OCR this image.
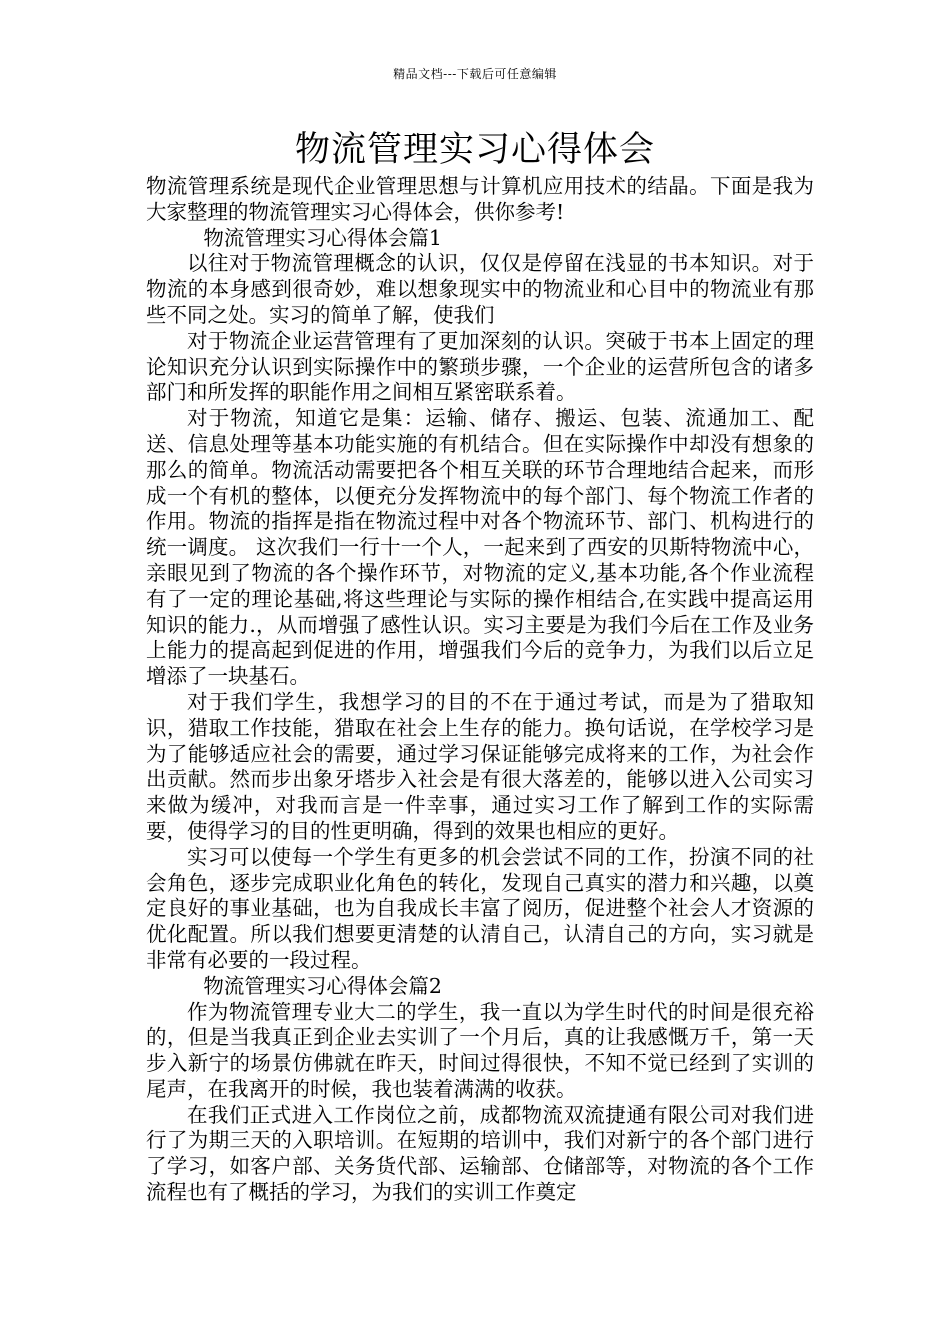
精品文档---下载后可任意编辑
物流管理实习心得体会

物流管理系统是现代企业管理思想与计算机应用技术的结晶。下面是我为大家整理的物流管理实习心得体会，供你参考!

物流管理实习心得体会篇1

以往对于物流管理概念的认识，仅仅是停留在浅显的书本知识。对于物流的本身感到很奇妙，难以想象现实中的物流业和心目中的物流业有那些不同之处。实习的简单了解，使我们

对于物流企业运营管理有了更加深刻的认识。突破于书本上固定的理论知识充分认识到实际操作中的繁琐步骤，一个企业的运营所包含的诸多部门和所发挥的职能作用之间相互紧密联系着。

对于物流，知道它是集：运输、储存、搬运、包装、流通加工、配送、信息处理等基本功能实施的有机结合。但在实际操作中却没有想象的那么的简单。物流活动需要把各个相互关联的环节合理地结合起来，而形成一个有机的整体，以便充分发挥物流中的每个部门、每个物流工作者的作用。物流的指挥是指在物流过程中对各个物流环节、部门、机构进行的统一调度。 这次我们一行十一个人，一起来到了西安的贝斯特物流中心，亲眼见到了物流的各个操作环节，对物流的定义,基本功能,各个作业流程有了一定的理论基础,将这些理论与实际的操作相结合,在实践中提高运用知识的能力.，从而增强了感性认识。实习主要是为我们今后在工作及业务上能力的提高起到促进的作用，增强我们今后的竞争力，为我们以后立足增添了一块基石。

对于我们学生，我想学习的目的不在于通过考试，而是为了猎取知识，猎取工作技能，猎取在社会上生存的能力。换句话说，在学校学习是为了能够适应社会的需要，通过学习保证能够完成将来的工作，为社会作出贡献。然而步出象牙塔步入社会是有很大落差的，能够以进入公司实习来做为缓冲，对我而言是一件幸事，通过实习工作了解到工作的实际需要，使得学习的目的性更明确，得到的效果也相应的更好。

实习可以使每一个学生有更多的机会尝试不同的工作，扮演不同的社会角色，逐步完成职业化角色的转化，发现自己真实的潜力和兴趣，以奠定良好的事业基础，也为自我成长丰富了阅历，促进整个社会人才资源的优化配置。所以我们想要更清楚的认清自己，认清自己的方向，实习就是非常有必要的一段过程。

物流管理实习心得体会篇2

作为物流管理专业大二的学生，我一直以为学生时代的时间是很充裕的，但是当我真正到企业去实训了一个月后，真的让我感慨万千，第一天步入新宁的场景仿佛就在昨天，时间过得很快，不知不觉已经到了实训的尾声，在我离开的时候，我也装着满满的收获。

在我们正式进入工作岗位之前，成都物流双流捷通有限公司对我们进行了为期三天的入职培训。在短期的培训中，我们对新宁的各个部门进行了学习，如客户部、关务货代部、运输部、仓储部等，对物流的各个工作流程也有了概括的学习，为我们的实训工作奠定
